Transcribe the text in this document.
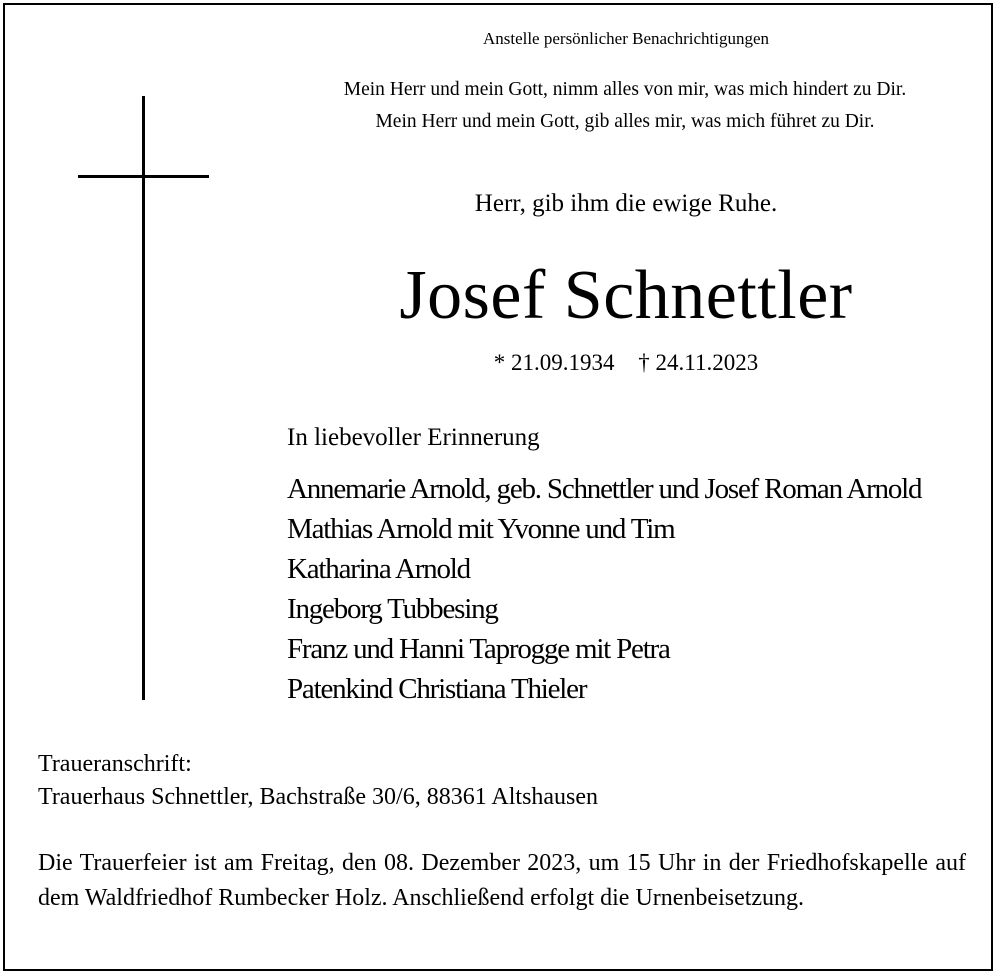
Anstelle persönlicher Benachrichtigungen
Mein Herr und mein Gott, nimm alles von mir, was mich hindert zu Dir.
Mein Herr und mein Gott, gib alles mir, was mich führet zu Dir.
Herr, gib ihm die ewige Ruhe.
Josef Schnettler
* 21.09.1934 † 24.11.2023
In liebevoller Erinnerung
Annemarie Arnold, geb. Schnettler und Josef Roman Arnold
Mathias Arnold mit Yvonne und Tim
Katharina Arnold
Ingeborg Tubbesing
Franz und Hanni Taprogge mit Petra
Patenkind Christiana Thieler
Traueranschrift:
Trauerhaus Schnettler, Bachstraße 30/6, 88361 Altshausen
Die Trauerfeier ist am Freitag, den 08. Dezember 2023, um 15 Uhr in der Friedhofskapelle auf dem Waldfriedhof Rumbecker Holz. Anschließend erfolgt die Urnenbeisetzung.
